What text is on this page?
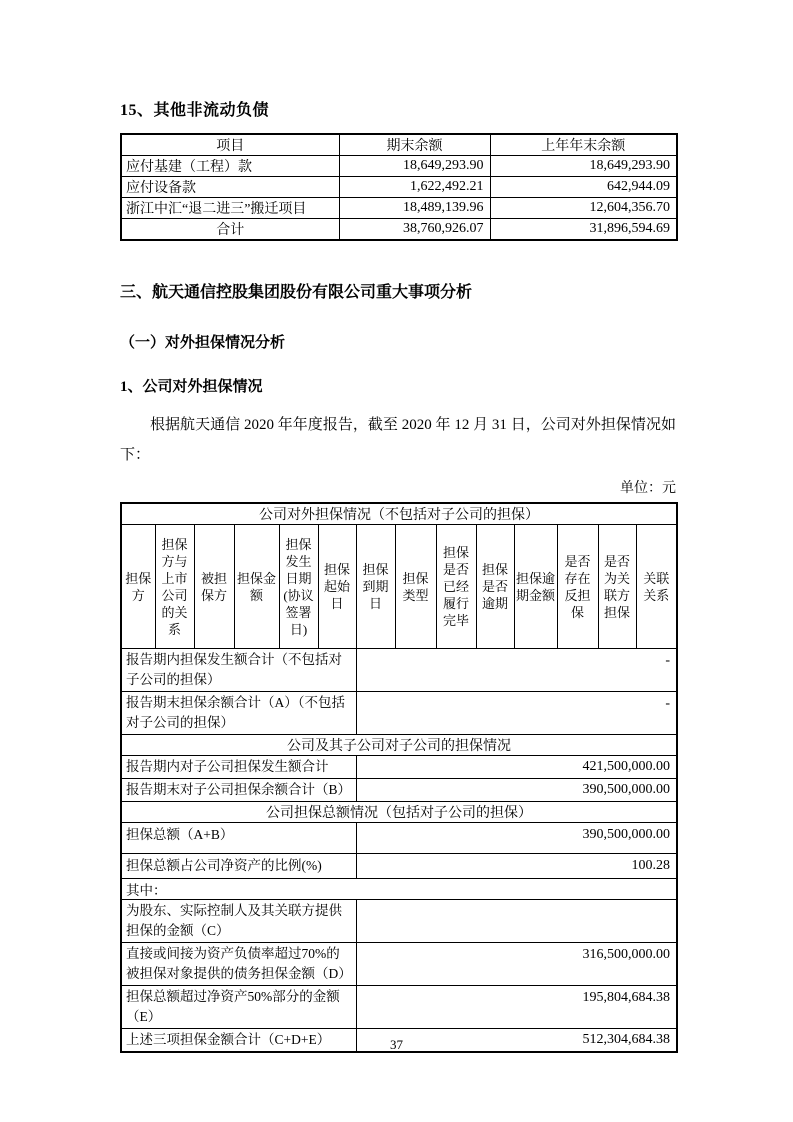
15、其他非流动负债
项目	期末余额	上年年末余额
应付基建（工程）款	18,649,293.90	18,649,293.90
应付设备款	1,622,492.21	642,944.09
浙江中汇“退二进三”搬迁项目	18,489,139.96	12,604,356.70
合计	38,760,926.07	31,896,594.69
三、航天通信控股集团股份有限公司重大事项分析
（一）对外担保情况分析
1、公司对外担保情况

根据航天通信 2020 年年度报告，截至 2020 年 12 月 31 日，公司对外担保情况如下：

单位：元
公司对外担保情况（不包括对子公司的担保）													
担保方	担保方与上市公司的关系	被担保方	担保金额	担保发生日期(协议签署日)	担保起始日	担保到期日	担保类型	担保是否已经履行完毕	担保是否逾期	担保逾期金额	是否存在反担保	是否为关联方担保	关联关系
报告期内担保发生额合计（不包括对子公司的担保）						-							
报告期末担保余额合计（A）（不包括对子公司的担保）						-							
公司及其子公司对子公司的担保情况													
报告期内对子公司担保发生额合计						421,500,000.00							
报告期末对子公司担保余额合计（B）						390,500,000.00							
公司担保总额情况（包括对子公司的担保）													
担保总额（A+B）						390,500,000.00							
担保总额占公司净资产的比例(%)						100.28							
其中：													
为股东、实际控制人及其关联方提供担保的金额（C）													
直接或间接为资产负债率超过70%的被担保对象提供的债务担保金额（D）						316,500,000.00							
担保总额超过净资产50%部分的金额（E）						195,804,684.38							
上述三项担保金额合计（C+D+E）						512,304,684.38							
37
